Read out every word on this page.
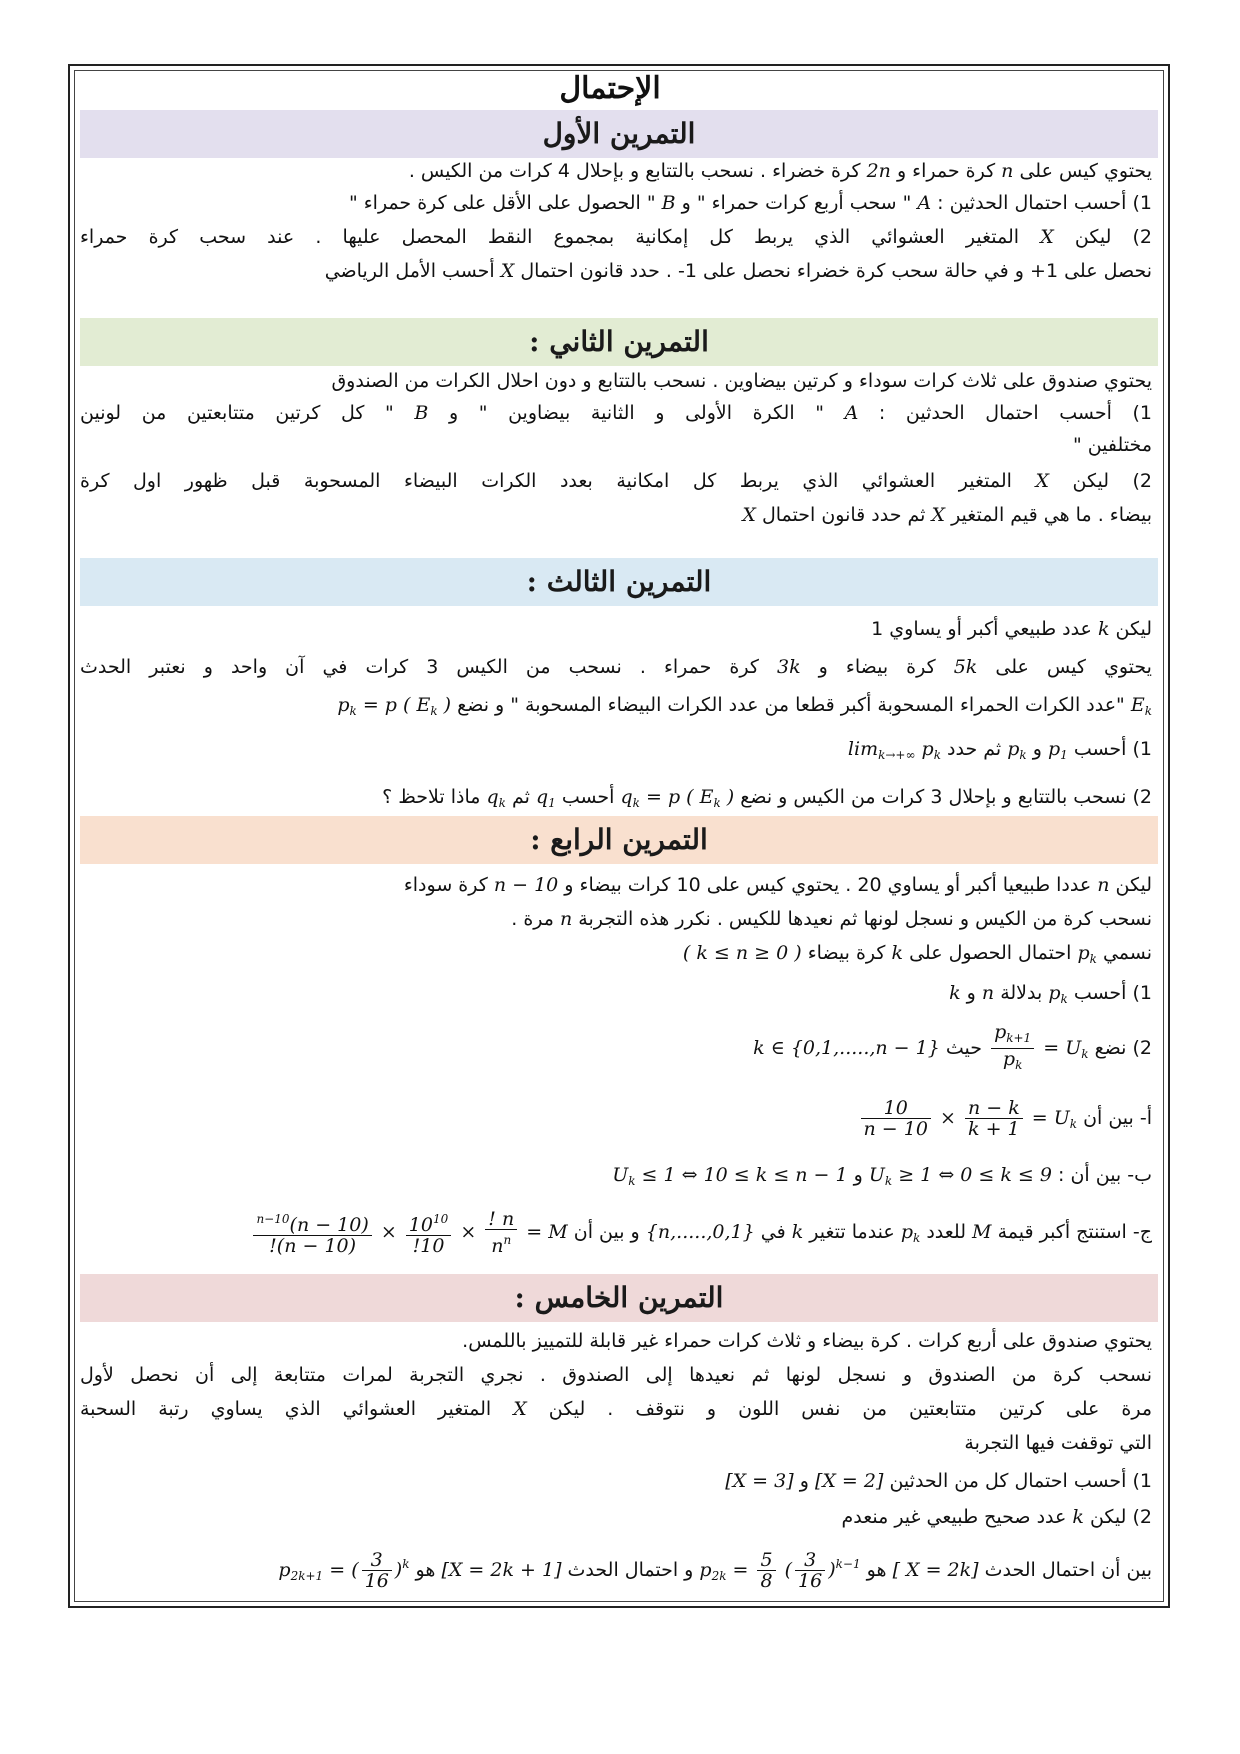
الإحتمال
التمرين الأول
يحتوي كيس على n كرة حمراء و 2n كرة خضراء . نسحب بالتتابع و بإحلال 4 كرات من الكيس .
1) أحسب احتمال الحدثين : A " سحب أربع كرات حمراء " و B " الحصول على الأقل على كرة حمراء "
2) ليكن X المتغير العشوائي الذي يربط كل إمكانية بمجموع النقط المحصل عليها . عند سحب كرة حمراء
نحصل على 1+ و في حالة سحب كرة خضراء نحصل على 1- . حدد قانون احتمال X أحسب الأمل الرياضي
التمرين الثاني :
يحتوي صندوق على ثلاث كرات سوداء و كرتين بيضاوين . نسحب بالتتابع و دون احلال الكرات من الصندوق
1) أحسب احتمال الحدثين : A " الكرة الأولى و الثانية بيضاوين " و B " كل كرتين متتابعتين من لونين
مختلفين "
2) ليكن X المتغير العشوائي الذي يربط كل امكانية بعدد الكرات البيضاء المسحوبة قبل ظهور اول كرة
بيضاء . ما هي قيم المتغير X ثم حدد قانون احتمال X
التمرين الثالث :
ليكن k عدد طبيعي أكبر أو يساوي 1
يحتوي كيس على 5k كرة بيضاء و 3k كرة حمراء . نسحب من الكيس 3 كرات في آن واحد و نعتبر الحدث
$E_k$ "عدد الكرات الحمراء المسحوبة أكبر قطعا من عدد الكرات البيضاء المسحوبة " و نضع $p_k = p$ ( $E_k$ )
1) أحسب $p_1$ و $p_k$ ثم حدد $\lim_{k\to+\infty} p_k$
2) نسحب بالتتابع و بإحلال 3 كرات من الكيس و نضع $q_k = p$ ( $E_k$ ) أحسب $q_1$ ثم $q_k$ ماذا تلاحظ ؟
التمرين الرابع :
ليكن n عددا طبيعيا أكبر أو يساوي 20 . يحتوي كيس على 10 كرات بيضاء و n − 10 كرة سوداء
نسحب كرة من الكيس و نسجل لونها ثم نعيدها للكيس . نكرر هذه التجربة n مرة .
نسمي $p_k$ احتمال الحصول على k كرة بيضاء ( 0 ≤ k ≤ n )
1) أحسب $p_k$ بدلالة n و k
2) نضع $U_k$ =
$\frac{p_{k+1}}{p_k}$
حيث k ∈ {0,1,.....,n − 1}
أ- بين أن $U_k$ =
$\frac{n - k}{k + 1}$
×
$\frac{10}{n - 10}$
ب- بين أن : $U_k \ge 1$ ⇔ 0 ≤ k ≤ 9 و $U_k \le 1$ ⇔ 10 ≤ k ≤ n − 1
ج- استنتج أكبر قيمة M للعدد $p_k$ عندما تتغير k في {0,1,.....,n} و بين أن M =
$\frac{n !}{n^n}$
×
$\frac{10^{10}}{10!}$
×
$\frac{(n - 10)^{n-10}}{(n - 10)!}$
التمرين الخامس :
يحتوي صندوق على أربع كرات . كرة بيضاء و ثلاث كرات حمراء غير قابلة للتمييز باللمس.
نسحب كرة من الصندوق و نسجل لونها ثم نعيدها إلى الصندوق . نجري التجربة لمرات متتابعة إلى أن نحصل لأول
مرة على كرتين متتابعتين من نفس اللون و نتوقف . ليكن X المتغير العشوائي الذي يساوي رتبة السحبة
التي توقفت فيها التجربة
1) أحسب احتمال كل من الحدثين [X = 2] و [X = 3]
2) ليكن k عدد صحيح طبيعي غير منعدم
بين أن احتمال الحدث [X = 2k ] هو $p_{2k} = \frac{5}{8}$ ( $\frac{3}{16} )^{k-1}$ و احتمال الحدث [X = 2k + 1] هو $p_{2k+1}$ = ( $\frac{3}{16} )^k$
